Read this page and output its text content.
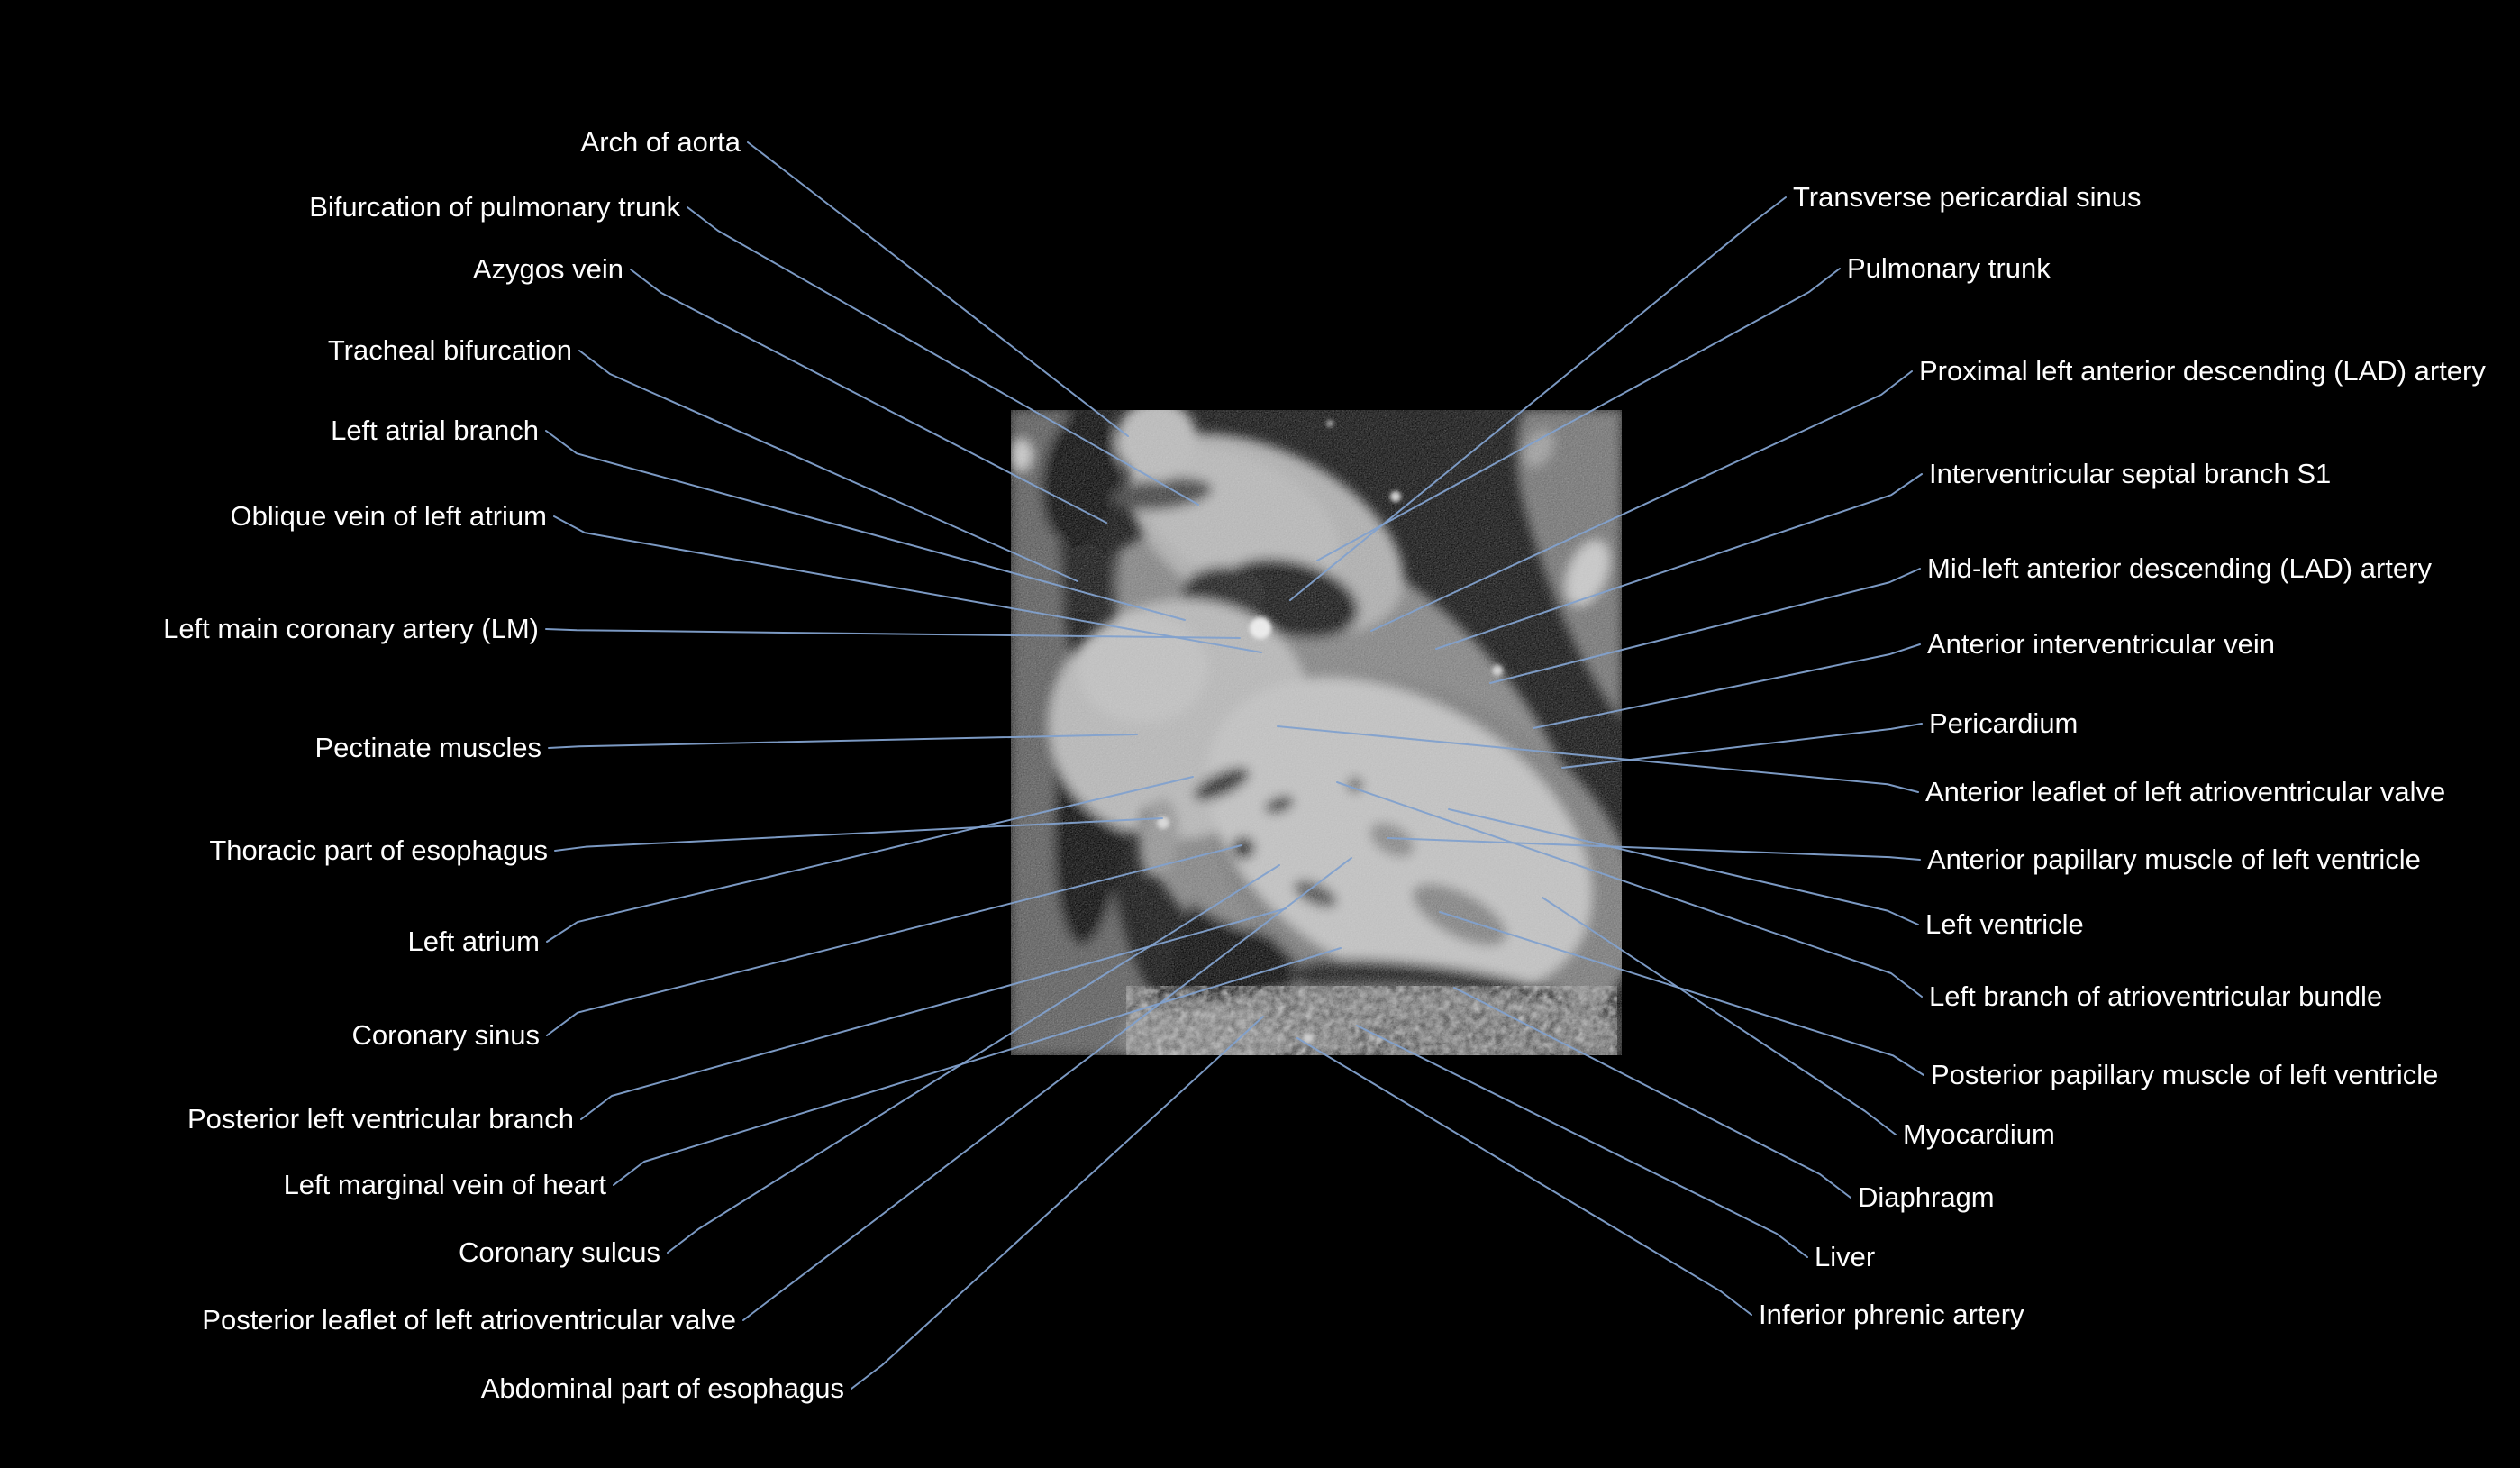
Arch of aorta
Bifurcation of pulmonary trunk
Azygos vein
Tracheal bifurcation
Left atrial branch
Oblique vein of left atrium
Left main coronary artery (LM)
Pectinate muscles
Thoracic part of esophagus
Left atrium
Coronary sinus
Posterior left ventricular branch
Left marginal vein of heart
Coronary sulcus
Posterior leaflet of left atrioventricular valve
Abdominal part of esophagus
Transverse pericardial sinus
Pulmonary trunk
Proximal left anterior descending (LAD) artery
Interventricular septal branch S1
Mid-left anterior descending (LAD) artery
Anterior interventricular vein
Pericardium
Anterior leaflet of left atrioventricular valve
Anterior papillary muscle of left ventricle
Left ventricle
Left branch of atrioventricular bundle
Posterior papillary muscle of left ventricle
Myocardium
Diaphragm
Liver
Inferior phrenic artery
